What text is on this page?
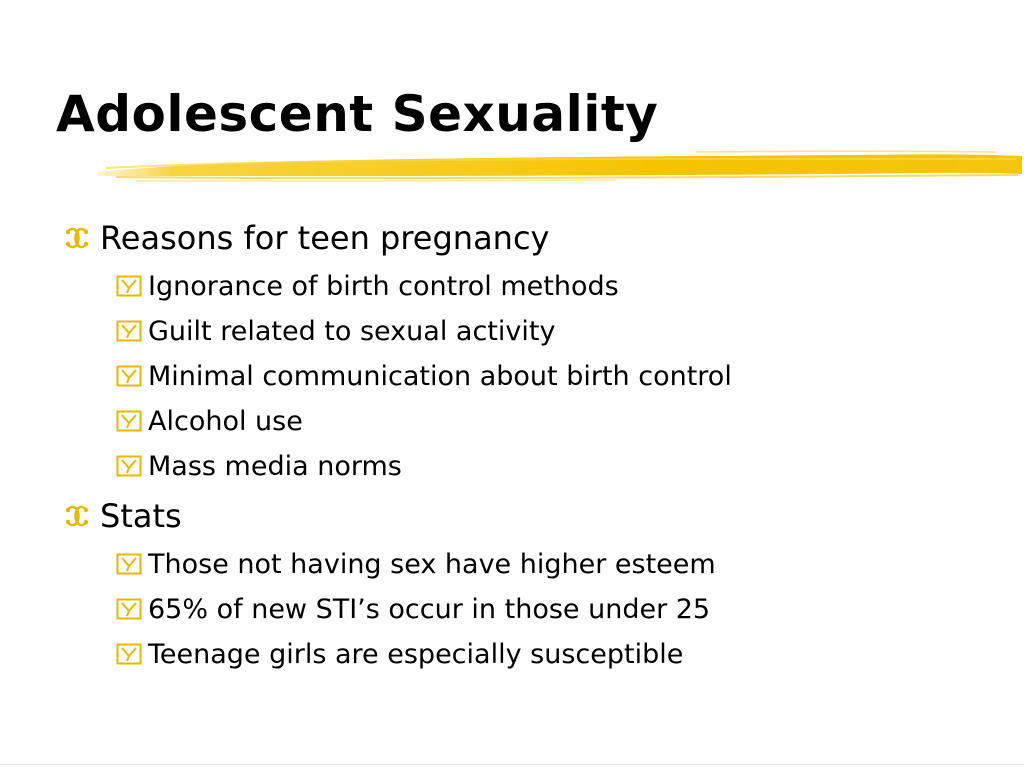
Adolescent Sexuality
Reasons for teen pregnancy
Ignorance of birth control methods
Guilt related to sexual activity
Minimal communication about birth control
Alcohol use
Mass media norms
Stats
Those not having sex have higher esteem
65% of new STI’s occur in those under 25
Teenage girls are especially susceptible
